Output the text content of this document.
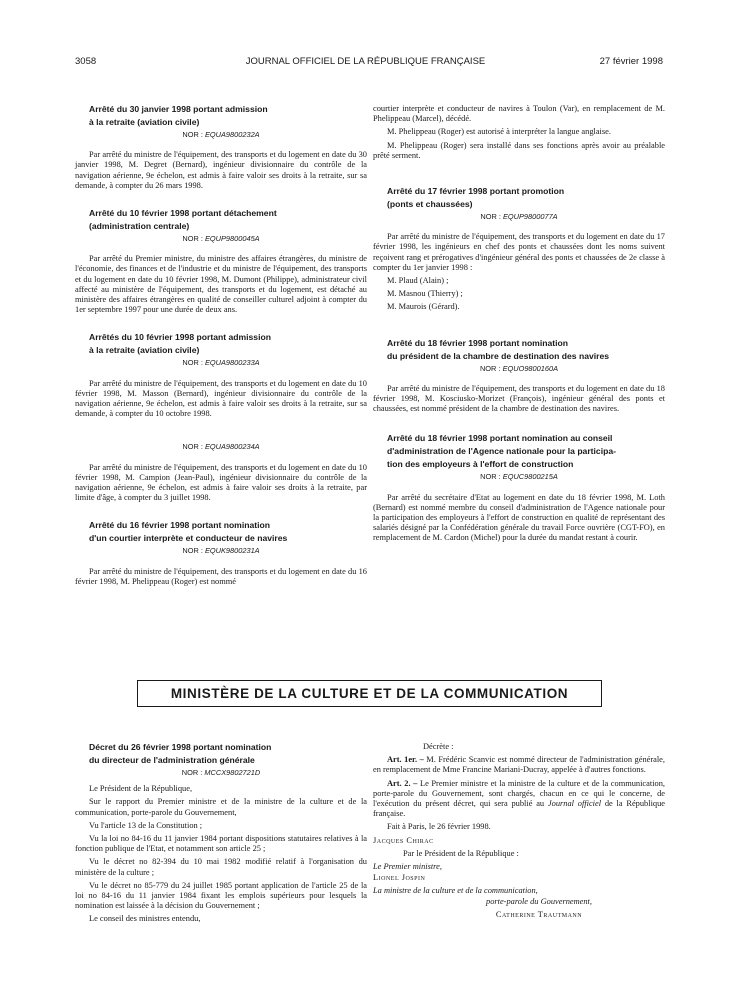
3058	JOURNAL OFFICIEL DE LA RÉPUBLIQUE FRANÇAISE	27 février 1998

Arrêté du 30 janvier 1998 portant admission

à la retraite (aviation civile)

NOR : EQUA9800232A

Par arrêté du ministre de l'équipement, des transports et du logement en date du 30 janvier 1998, M. Degret (Bernard), ingénieur divisionnaire du contrôle de la navigation aérienne, 9e échelon, est admis à faire valoir ses droits à la retraite, sur sa demande, à compter du 26 mars 1998.

Arrêté du 10 février 1998 portant détachement

(administration centrale)

NOR : EQUP9800045A

Par arrêté du Premier ministre, du ministre des affaires étrangères, du ministre de l'économie, des finances et de l'industrie et du ministre de l'équipement, des transports et du logement en date du 10 février 1998, M. Dumont (Philippe), administrateur civil affecté au ministère de l'équipement, des transports et du logement, est détaché au ministère des affaires étrangères en qualité de conseiller culturel adjoint à compter du 1er septembre 1997 pour une durée de deux ans.

Arrêtés du 10 février 1998 portant admission

à la retraite (aviation civile)

NOR : EQUA9800233A

Par arrêté du ministre de l'équipement, des transports et du logement en date du 10 février 1998, M. Masson (Bernard), ingénieur divisionnaire du contrôle de la navigation aérienne, 9e échelon, est admis à faire valoir ses droits à la retraite, sur sa demande, à compter du 10 octobre 1998.

NOR : EQUA9800234A

Par arrêté du ministre de l'équipement, des transports et du logement en date du 10 février 1998, M. Campion (Jean-Paul), ingénieur divisionnaire du contrôle de la navigation aérienne, 9e échelon, est admis à faire valoir ses droits à la retraite, par limite d'âge, à compter du 3 juillet 1998.

Arrêté du 16 février 1998 portant nomination

d'un courtier interprète et conducteur de navires

NOR : EQUK9800231A

Par arrêté du ministre de l'équipement, des transports et du logement en date du 16 février 1998, M. Phelippeau (Roger) est nommé

courtier interprète et conducteur de navires à Toulon (Var), en remplacement de M. Phelippeau (Marcel), décédé.

M. Phelippeau (Roger) est autorisé à interpréter la langue anglaise.

M. Phelippeau (Roger) sera installé dans ses fonctions après avoir au préalable prêté serment.

Arrêté du 17 février 1998 portant promotion

(ponts et chaussées)

NOR : EQUP9800077A

Par arrêté du ministre de l'équipement, des transports et du logement en date du 17 février 1998, les ingénieurs en chef des ponts et chaussées dont les noms suivent reçoivent rang et prérogatives d'ingénieur général des ponts et chaussées de 2e classe à compter du 1er janvier 1998 :

M. Plaud (Alain) ;

M. Masnou (Thierry) ;

M. Maurois (Gérard).

Arrêté du 18 février 1998 portant nomination

du président de la chambre de destination des navires

NOR : EQUO9800160A

Par arrêté du ministre de l'équipement, des transports et du logement en date du 18 février 1998, M. Kosciusko-Morizet (François), ingénieur général des ponts et chaussées, est nommé président de la chambre de destination des navires.

Arrêté du 18 février 1998 portant nomination au conseil

d'administration de l'Agence nationale pour la participa-

tion des employeurs à l'effort de construction

NOR : EQUC9800215A

Par arrêté du secrétaire d'Etat au logement en date du 18 février 1998, M. Loth (Bernard) est nommé membre du conseil d'administration de l'Agence nationale pour la participation des employeurs à l'effort de construction en qualité de représentant des salariés désigné par la Confédération générale du travail Force ouvrière (CGT-FO), en remplacement de M. Cardon (Michel) pour la durée du mandat restant à courir.

MINISTÈRE DE LA CULTURE ET DE LA COMMUNICATION

Décret du 26 février 1998 portant nomination

du directeur de l'administration générale

NOR : MCCX9802721D

Le Président de la République,

Sur le rapport du Premier ministre et de la ministre de la culture et de la communication, porte-parole du Gouvernement,

Vu l'article 13 de la Constitution ;

Vu la loi no 84-16 du 11 janvier 1984 portant dispositions statutaires relatives à la fonction publique de l'Etat, et notamment son article 25 ;

Vu le décret no 82-394 du 10 mai 1982 modifié relatif à l'organisation du ministère de la culture ;

Vu le décret no 85-779 du 24 juillet 1985 portant application de l'article 25 de la loi no 84-16 du 11 janvier 1984 fixant les emplois supérieurs pour lesquels la nomination est laissée à la décision du Gouvernement ;

Le conseil des ministres entendu,

Décrète :

Art. 1er. – M. Frédéric Scanvic est nommé directeur de l'administration générale, en remplacement de Mme Francine Mariani-Ducray, appelée à d'autres fonctions.

Art. 2. – Le Premier ministre et la ministre de la culture et de la communication, porte-parole du Gouvernement, sont chargés, chacun en ce qui le concerne, de l'exécution du présent décret, qui sera publié au Journal officiel de la République française.

Fait à Paris, le 26 février 1998.

Jacques Chirac

Par le Président de la République :

Le Premier ministre,

Lionel Jospin

La ministre de la culture et de la communication,

porte-parole du Gouvernement,

Catherine Trautmann
